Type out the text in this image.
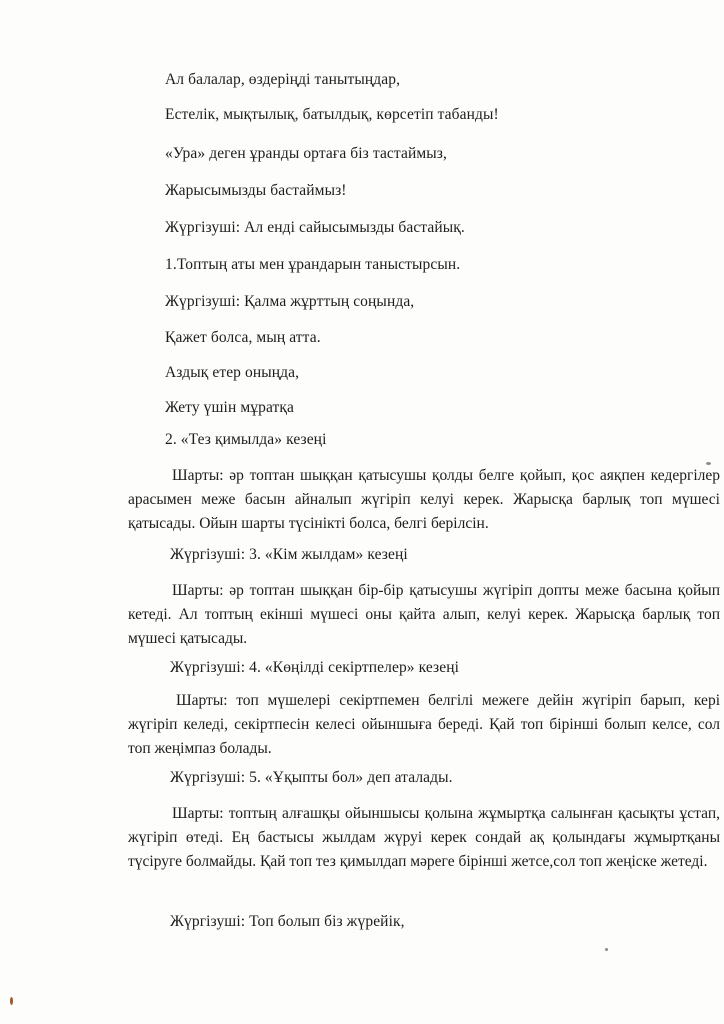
Ал балалар, өздеріңді танытыңдар,
Естелік, мықтылық, батылдық, көрсетіп табанды!
«Ура» деген ұранды ортаға біз тастаймыз,
Жарысымызды бастаймыз!
Жүргізуші: Ал енді сайысымызды бастайық.
1.Топтың аты мен ұрандарын таныстырсын.
Жүргізуші: Қалма жұрттың соңында,
Қажет болса, мың атта.
Аздық етер оныңда,
Жету үшін мұратқа
2. «Тез қимылда» кезеңі
Шарты: әр топтан шыққан қатысушы қолды белге қойып, қос аяқпен кедергілер арасымен меже басын айналып жүгіріп келуі керек. Жарысқа барлық топ мүшесі қатысады. Ойын шарты түсінікті болса, белгі берілсін.
Жүргізуші: 3. «Кім жылдам» кезеңі
Шарты: әр топтан шыққан бір-бір қатысушы жүгіріп допты меже басына қойып кетеді. Ал топтың екінші мүшесі оны қайта алып, келуі керек. Жарысқа барлық топ мүшесі қатысады.
Жүргізуші: 4. «Көңілді секіртпелер» кезеңі
Шарты: топ мүшелері секіртпемен белгілі межеге дейін жүгіріп барып, кері жүгіріп келеді, секіртпесін келесі ойыншыға береді. Қай топ бірінші болып келсе, сол топ жеңімпаз болады.
Жүргізуші: 5. «Ұқыпты бол» деп аталады.
Шарты: топтың алғашқы ойыншысы қолына жұмыртқа салынған қасықты ұстап, жүгіріп өтеді. Ең бастысы жылдам жүруі керек сондай ақ қолындағы жұмыртқаны түсіруге болмайды. Қай топ тез қимылдап мәреге бірінші жетсе,сол топ жеңіске жетеді.
Жүргізуші: Топ болып біз жүрейік,
